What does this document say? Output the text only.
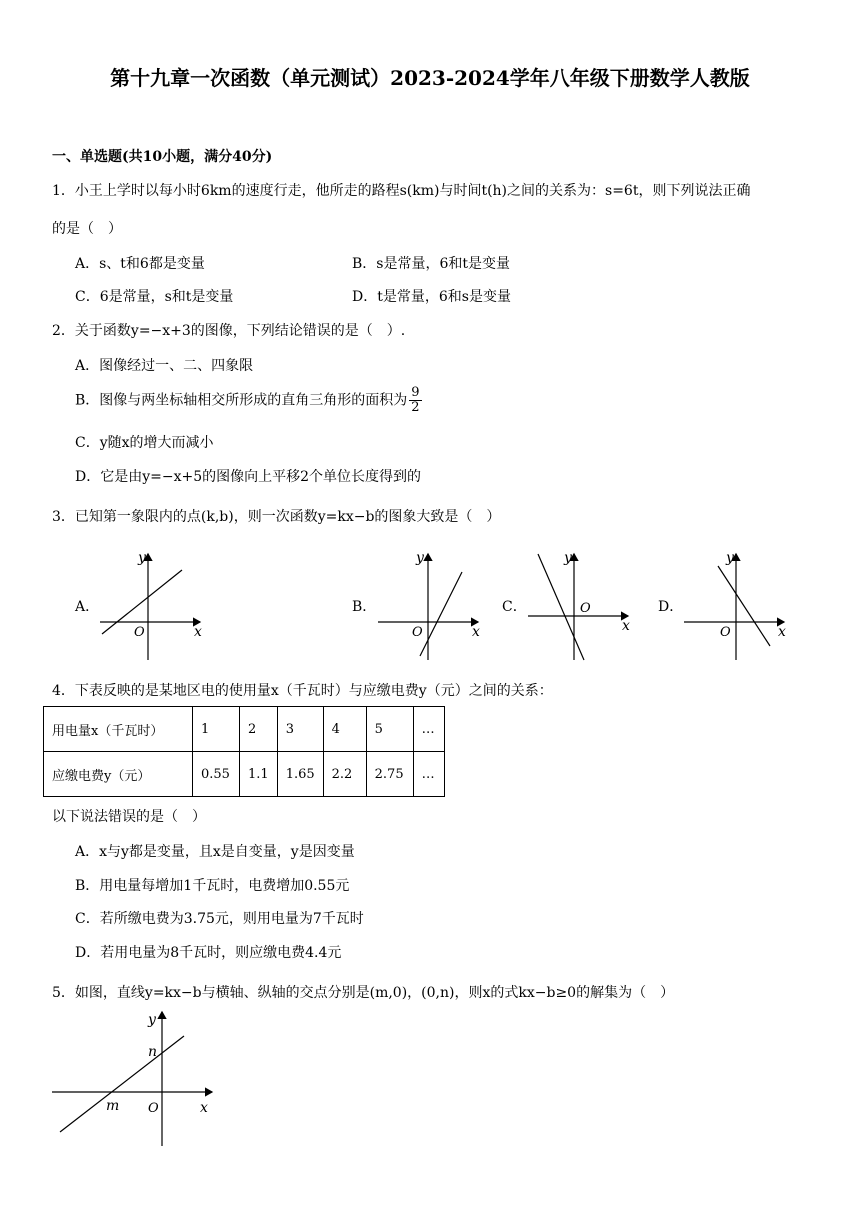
第十九章一次函数（单元测试）2023-2024学年八年级下册数学人教版
一、单选题(共10小题，满分40分)
1．小王上学时以每小时6km的速度行走，他所走的路程s(km)与时间t(h)之间的关系为：s=6t，则下列说法正确
的是（　）
A．s、t和6都是变量	B．s是常量，6和t是变量
C．6是常量，s和t是变量	D．t是常量，6和s是变量
2．关于函数y=−x+3的图像，下列结论错误的是（　）.
A．图像经过一、二、四象限
B．图像与两坐标轴相交所形成的直角三角形的面积为 $\frac{9}{2}$
C．y随x的增大而减小
D．它是由y=−x+5的图像向上平移2个单位长度得到的
3．已知第一象限内的点(k,b)，则一次函数y=kx−b的图象大致是（　）
A．
x
y
O
B．
x
y
O
C．
x
y
O	D．
x
y
O
4．下表反映的是某地区电的使用量x（千瓦时）与应缴电费y（元）之间的关系：
用电量x（千瓦时）	1	2	3	4	5	…
应缴电费y（元）	0.55	1.1	1.65	2.2	2.75	…
以下说法错误的是（　）
A．x与y都是变量，且x是自变量，y是因变量
B．用电量每增加1千瓦时，电费增加0.55元
C．若所缴电费为3.75元，则用电量为7千瓦时
D．若用电量为8千瓦时，则应缴电费4.4元
5．如图，直线y=kx−b与横轴、纵轴的交点分别是(m,0)，(0,n)，则x的式kx−b≥0的解集为（　）
y
n
m O	x
